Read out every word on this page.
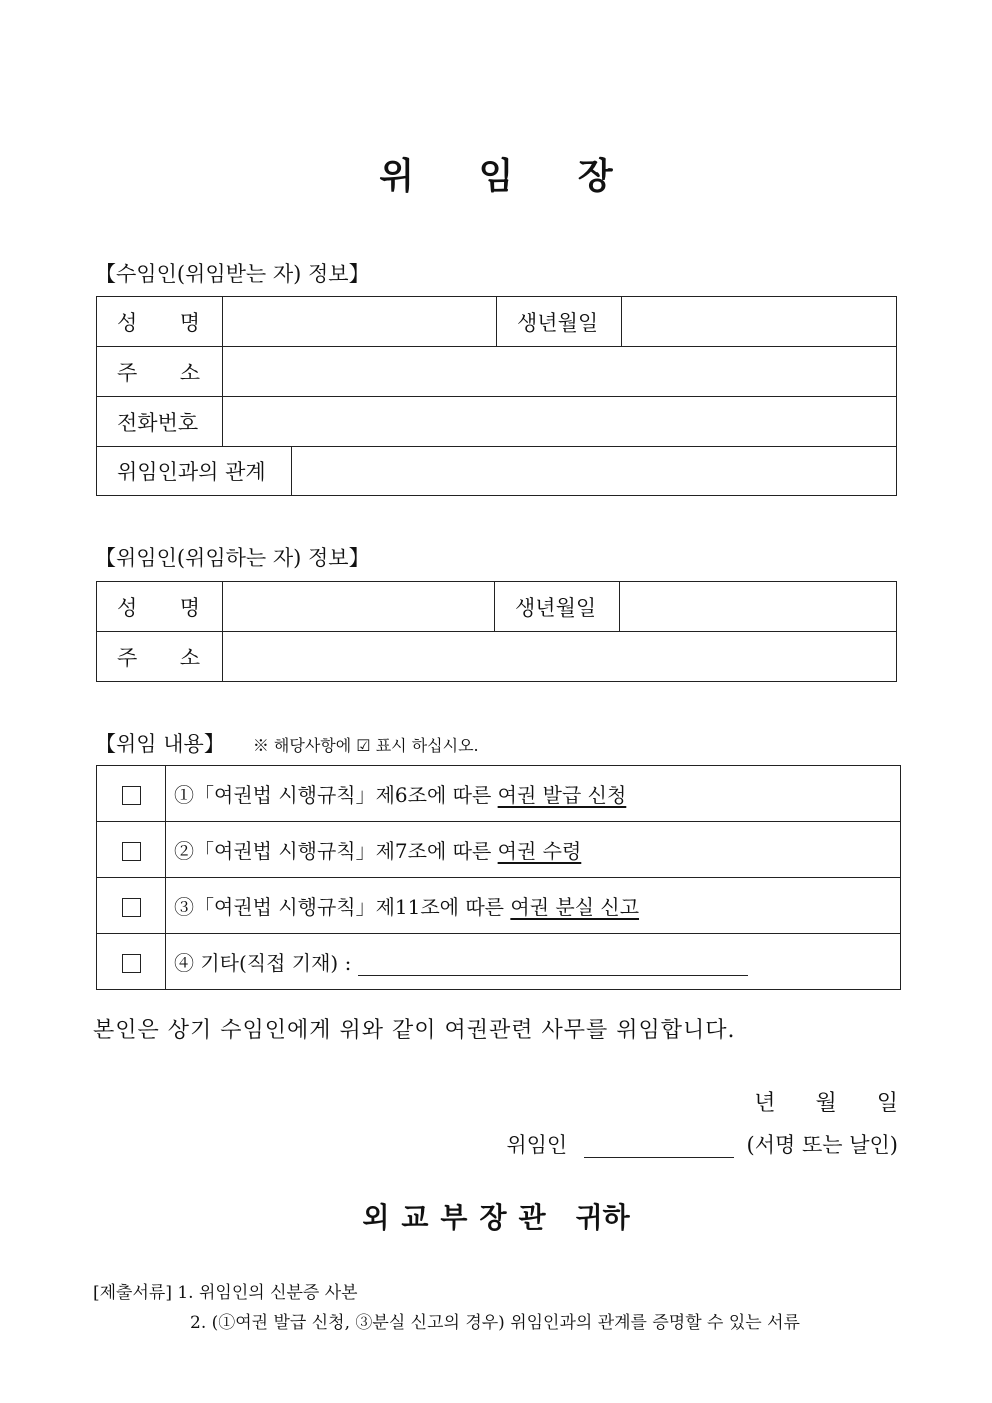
위 임 장
【수임인(위임받는 자) 정보】
성 명		생년월일	

주 소			

전화번호			
위임인과의 관계	
【위임인(위임하는 자) 정보】
성 명		생년월일	

주 소			

【위임 내용】 ※ 해당사항에 ☑ 표시 하십시오.
	①「여권법 시행규칙」제6조에 따른 여권 발급 신청
	②「여권법 시행규칙」제7조에 따른 여권 수령
	③「여권법 시행규칙」제11조에 따른 여권 분실 신고
	④ 기타(직접 기재) :
본인은 상기 수임인에게 위와 같이 여권관련 사무를 위임합니다.
년 월 일
위임인	(서명 또는 날인)
외교부장관 귀하
[제출서류] 1. 위임인의 신분증 사본
2. (①여권 발급 신청, ③분실 신고의 경우) 위임인과의 관계를 증명할 수 있는 서류
